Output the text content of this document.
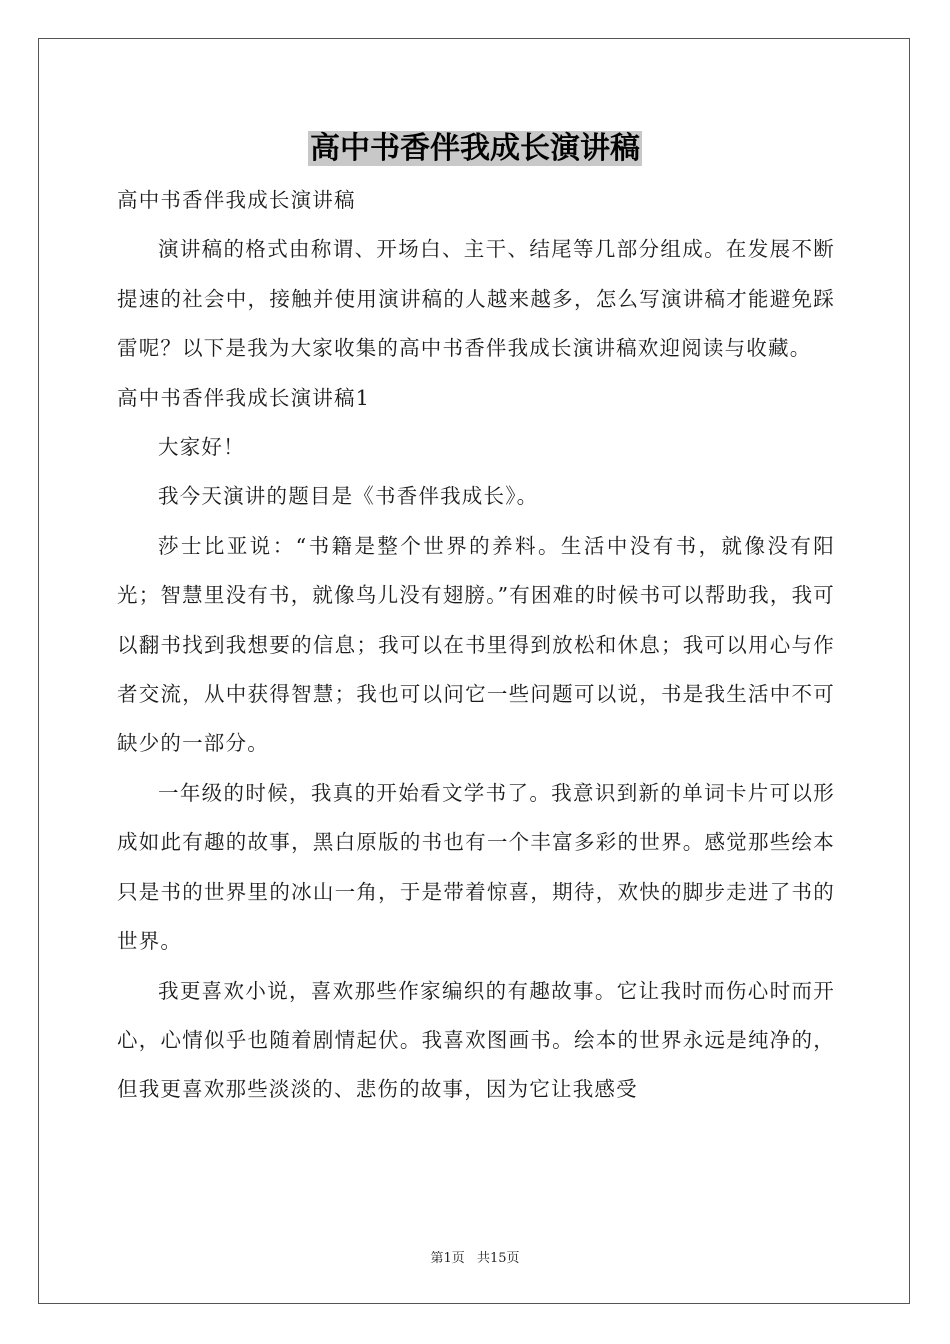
高中书香伴我成长演讲稿

高中书香伴我成长演讲稿

演讲稿的格式由称谓、开场白、主干、结尾等几部分组成。在发展不断提速的社会中，接触并使用演讲稿的人越来越多，怎么写演讲稿才能避免踩雷呢？以下是我为大家收集的高中书香伴我成长演讲稿欢迎阅读与收藏。

高中书香伴我成长演讲稿1

大家好！

我今天演讲的题目是《书香伴我成长》。

莎士比亚说：“书籍是整个世界的养料。生活中没有书，就像没有阳光；智慧里没有书，就像鸟儿没有翅膀。”有困难的时候书可以帮助我，我可以翻书找到我想要的信息；我可以在书里得到放松和休息；我可以用心与作者交流，从中获得智慧；我也可以问它一些问题可以说，书是我生活中不可缺少的一部分。

一年级的时候，我真的开始看文学书了。我意识到新的单词卡片可以形成如此有趣的故事，黑白原版的书也有一个丰富多彩的世界。感觉那些绘本只是书的世界里的冰山一角，于是带着惊喜，期待，欢快的脚步走进了书的世界。

我更喜欢小说，喜欢那些作家编织的有趣故事。它让我时而伤心时而开心，心情似乎也随着剧情起伏。我喜欢图画书。绘本的世界永远是纯净的，但我更喜欢那些淡淡的、悲伤的故事，因为它让我感受

第1页 共15页
